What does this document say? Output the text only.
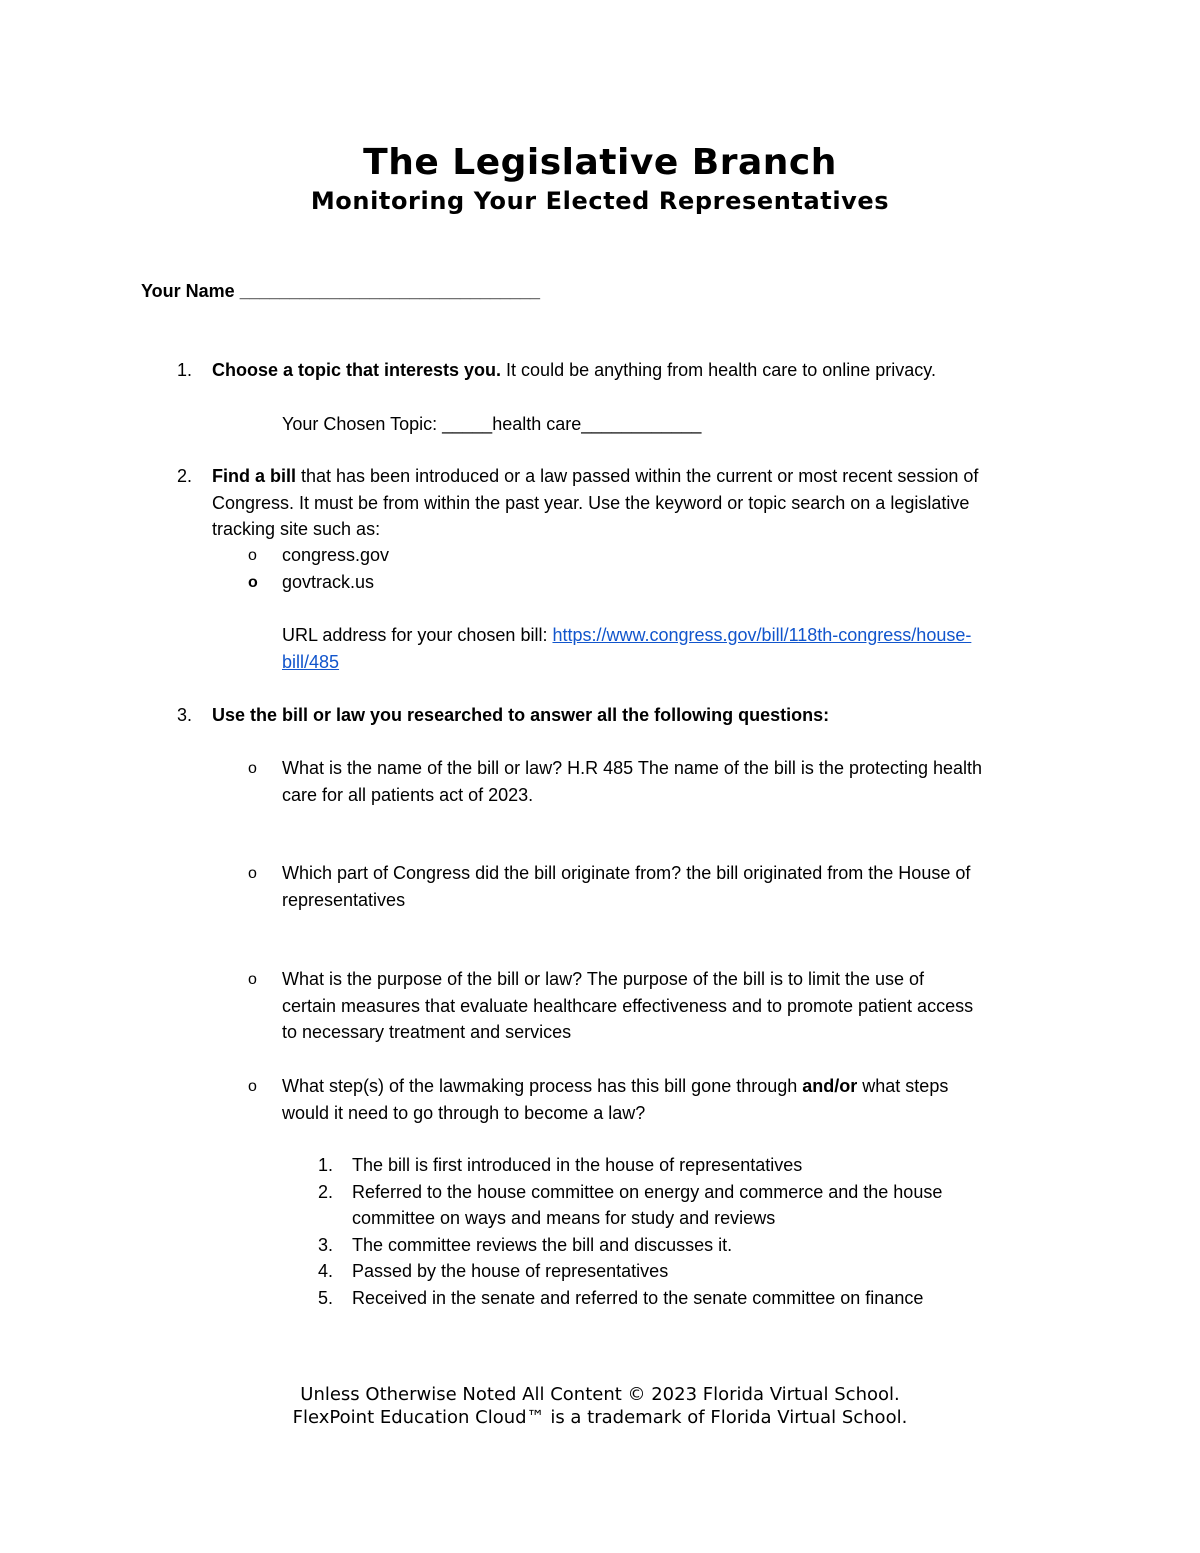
The Legislative Branch
Monitoring Your Elected Representatives
Your Name ______________________________
1. Choose a topic that interests you. It could be anything from health care to online privacy.
Your Chosen Topic: _____health care____________
2. Find a bill that has been introduced or a law passed within the current or most recent session of
Congress. It must be from within the past year. Use the keyword or topic search on a legislative
tracking site such as:
o congress.gov
o govtrack.us
URL address for your chosen bill: https://www.congress.gov/bill/118th-congress/house-
bill/485
3. Use the bill or law you researched to answer all the following questions:
o What is the name of the bill or law? H.R 485 The name of the bill is the protecting health
care for all patients act of 2023.
o Which part of Congress did the bill originate from? the bill originated from the House of
representatives
o What is the purpose of the bill or law? The purpose of the bill is to limit the use of
certain measures that evaluate healthcare effectiveness and to promote patient access
to necessary treatment and services
o What step(s) of the lawmaking process has this bill gone through and/or what steps
would it need to go through to become a law?
1. The bill is first introduced in the house of representatives
2. Referred to the house committee on energy and commerce and the house
committee on ways and means for study and reviews
3. The committee reviews the bill and discusses it.
4. Passed by the house of representatives
5. Received in the senate and referred to the senate committee on finance
Unless Otherwise Noted All Content © 2023 Florida Virtual School.
FlexPoint Education Cloud™ is a trademark of Florida Virtual School.
